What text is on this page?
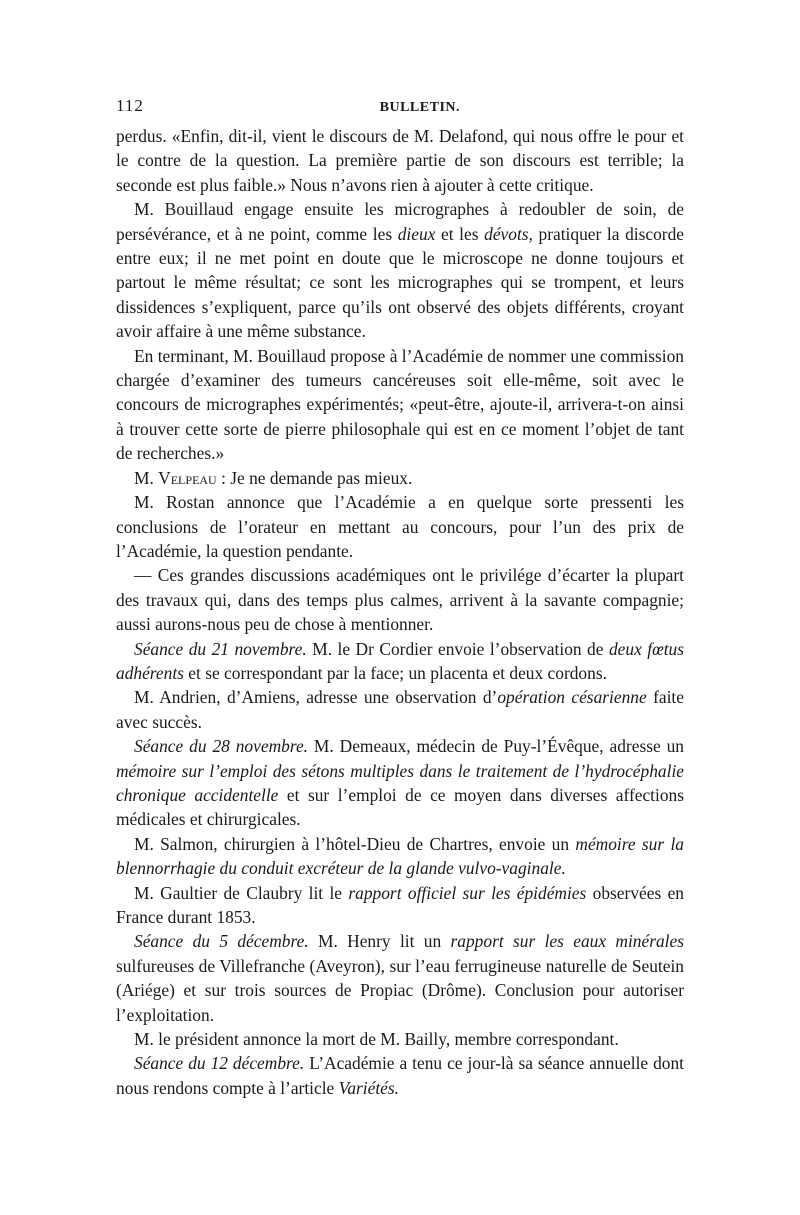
112	BULLETIN.

perdus. «Enfin, dit-il, vient le discours de M. Delafond, qui nous offre le pour et le contre de la question. La première partie de son discours est terrible; la seconde est plus faible.» Nous n’avons rien à ajouter à cette critique.

M. Bouillaud engage ensuite les micrographes à redoubler de soin, de persévérance, et à ne point, comme les dieux et les dévots, pratiquer la discorde entre eux; il ne met point en doute que le microscope ne donne toujours et partout le même résultat; ce sont les micrographes qui se trompent, et leurs dissidences s’expliquent, parce qu’ils ont observé des objets différents, croyant avoir affaire à une même substance.

En terminant, M. Bouillaud propose à l’Académie de nommer une commission chargée d’examiner des tumeurs cancéreuses soit elle-même, soit avec le concours de micrographes expérimentés; «peut-être, ajoute-il, arrivera-t-on ainsi à trouver cette sorte de pierre philosophale qui est en ce moment l’objet de tant de recherches.»

M. Velpeau : Je ne demande pas mieux.

M. Rostan annonce que l’Académie a en quelque sorte pressenti les conclusions de l’orateur en mettant au concours, pour l’un des prix de l’Académie, la question pendante.

— Ces grandes discussions académiques ont le privilége d’écarter la plupart des travaux qui, dans des temps plus calmes, arrivent à la savante compagnie; aussi aurons-nous peu de chose à mentionner.

Séance du 21 novembre. M. le Dr Cordier envoie l’observation de deux fœtus adhérents et se correspondant par la face; un placenta et deux cordons.

M. Andrien, d’Amiens, adresse une observation d’opération césarienne faite avec succès.

Séance du 28 novembre. M. Demeaux, médecin de Puy-l’Évêque, adresse un mémoire sur l’emploi des sétons multiples dans le traitement de l’hydrocéphalie chronique accidentelle et sur l’emploi de ce moyen dans diverses affections médicales et chirurgicales.

M. Salmon, chirurgien à l’hôtel-Dieu de Chartres, envoie un mémoire sur la blennorrhagie du conduit excréteur de la glande vulvo-vaginale.

M. Gaultier de Claubry lit le rapport officiel sur les épidémies observées en France durant 1853.

Séance du 5 décembre. M. Henry lit un rapport sur les eaux minérales sulfureuses de Villefranche (Aveyron), sur l’eau ferrugineuse naturelle de Seutein (Ariége) et sur trois sources de Propiac (Drôme). Conclusion pour autoriser l’exploitation.

M. le président annonce la mort de M. Bailly, membre correspondant.

Séance du 12 décembre. L’Académie a tenu ce jour-là sa séance annuelle dont nous rendons compte à l’article Variétés.
